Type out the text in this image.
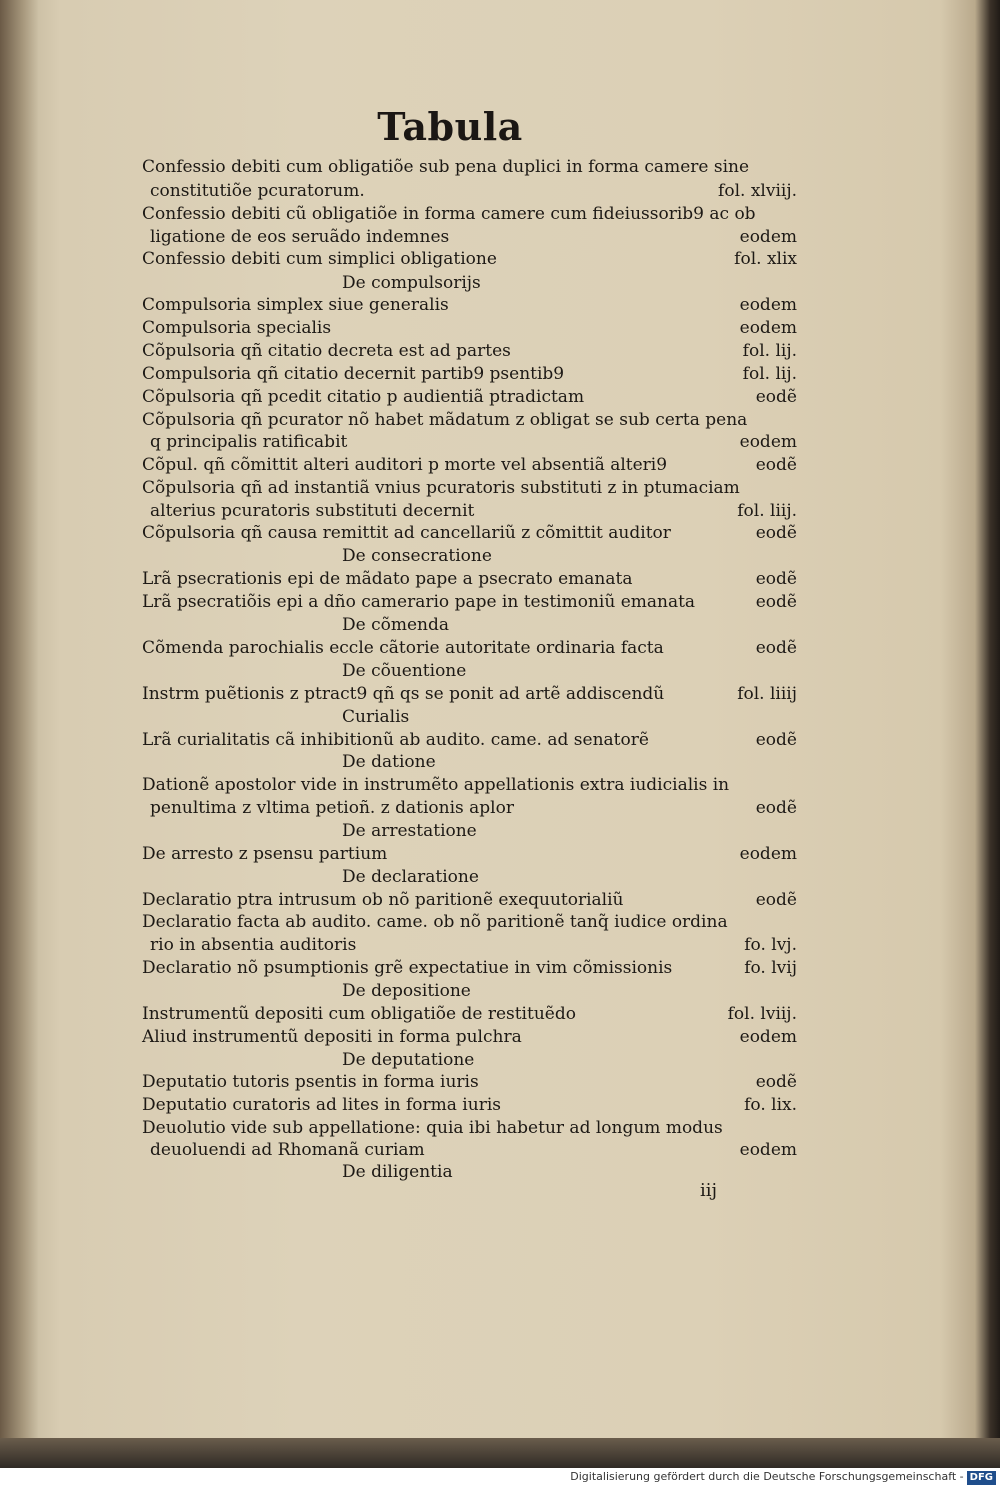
Tabula
Confessio debiti cum obligatiõe sub pena duplici in forma camere sine
constitutiõe pcuratorum.	fol. xlviij.
Confessio debiti cũ obligatiõe in forma camere cum fideiussorib9 ac ob
ligatione de eos seruãdo indemnes	eodem
Confessio debiti cum simplici obligatione	fol. xlix
De compulsorijs
Compulsoria simplex siue generalis	eodem
Compulsoria specialis	eodem
Cõpulsoria qñ citatio decreta est ad partes	fol. lij.
Compulsoria qñ citatio decernit partib9 psentib9	fol. lij.
Cõpulsoria qñ pcedit citatio p audientiã ptradictam	eodẽ
Cõpulsoria qñ pcurator nõ habet mãdatum z obligat se sub certa pena
q principalis ratificabit	eodem
Cõpul. qñ cõmittit alteri auditori p morte vel absentiã alteri9	eodẽ
Cõpulsoria qñ ad instantiã vnius pcuratoris substituti z in ptumaciam
alterius pcuratoris substituti decernit	fol. liij.
Cõpulsoria qñ causa remittit ad cancellariũ z cõmittit auditor	eodẽ
De consecratione
Lrã psecrationis epi de mãdato pape a psecrato emanata	eodẽ
Lrã psecratiõis epi a dño camerario pape in testimoniũ emanata	eodẽ
De cõmenda
Cõmenda parochialis eccle cãtorie autoritate ordinaria facta	eodẽ
De cõuentione
Instrm puẽtionis z ptract9 qñ qs se ponit ad artẽ addiscendũ	fol. liiij
Curialis
Lrã curialitatis cã inhibitionũ ab audito. came. ad senatorẽ	eodẽ
De datione
Dationẽ apostolor vide in instrumẽto appellationis extra iudicialis in
penultima z vltima petioñ. z dationis aplor	eodẽ
De arrestatione
De arresto z psensu partium	eodem
De declaratione
Declaratio ptra intrusum ob nõ paritionẽ exequutorialiũ	eodẽ
Declaratio facta ab audito. came. ob nõ paritionẽ tanq̃ iudice ordina
rio in absentia auditoris	fo. lvj.
Declaratio nõ psumptionis grẽ expectatiue in vim cõmissionis	fo. lvij
De depositione
Instrumentũ depositi cum obligatiõe de restituẽdo	fol. lviij.
Aliud instrumentũ depositi in forma pulchra	eodem
De deputatione
Deputatio tutoris psentis in forma iuris	eodẽ
Deputatio curatoris ad lites in forma iuris	fo. lix.
Deuolutio vide sub appellatione: quia ibi habetur ad longum modus
deuoluendi ad Rhomanã curiam	eodem
De diligentia
iij
Digitalisierung gefördert durch die Deutsche Forschungsgemeinschaft - DFG
